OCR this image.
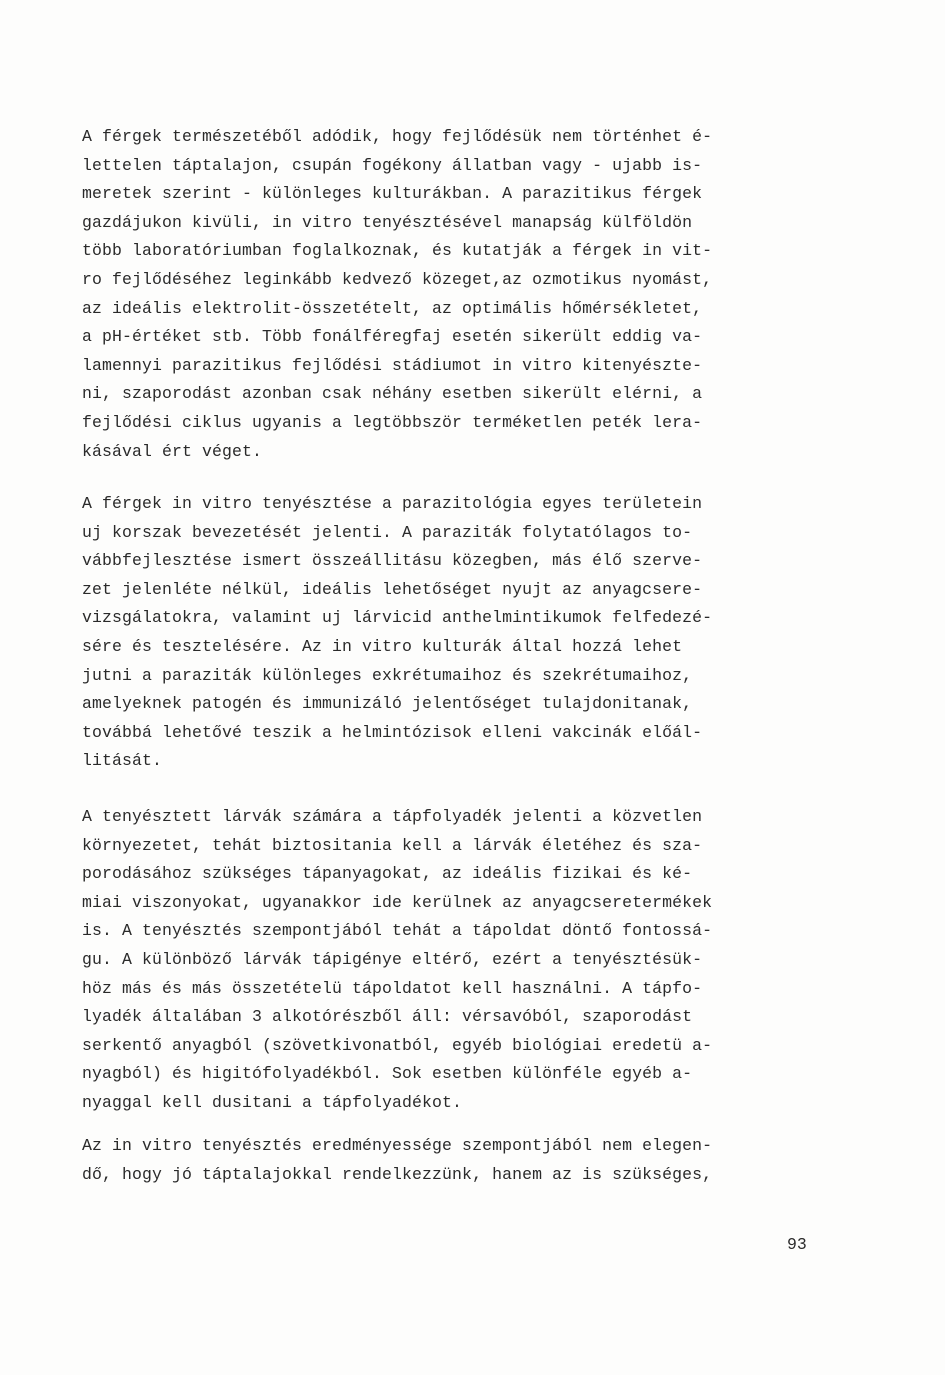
A férgek természetéből adódik, hogy fejlődésük nem történhet é-
lettelen táptalajon, csupán fogékony állatban vagy - ujabb is-
meretek szerint - különleges kulturákban. A parazitikus férgek
gazdájukon kivüli, in vitro tenyésztésével manapság külföldön
több laboratóriumban foglalkoznak, és kutatják a férgek in vit-
ro fejlődéséhez leginkább kedvező közeget,az ozmotikus nyomást,
az ideális elektrolit-összetételt, az optimális hőmérsékletet,
a pH-értéket stb. Több fonálféregfaj esetén sikerült eddig va-
lamennyi parazitikus fejlődési stádiumot in vitro kitenyészte-
ni, szaporodást azonban csak néhány esetben sikerült elérni, a
fejlődési ciklus ugyanis a legtöbbször terméketlen peték lera-
kásával ért véget.
A férgek in vitro tenyésztése a parazitológia egyes területein
uj korszak bevezetését jelenti. A paraziták folytatólagos to-
vábbfejlesztése ismert összeállitásu közegben, más élő szerve-
zet jelenléte nélkül, ideális lehetőséget nyujt az anyagcsere-
vizsgálatokra, valamint uj lárvicid anthelmintikumok felfedezé-
sére és tesztelésére. Az in vitro kulturák által hozzá lehet
jutni a paraziták különleges exkrétumaihoz és szekrétumaihoz,
amelyeknek patogén és immunizáló jelentőséget tulajdonitanak,
továbbá lehetővé teszik a helmintózisok elleni vakcinák előál-
litását.
A tenyésztett lárvák számára a tápfolyadék jelenti a közvetlen
környezetet, tehát biztositania kell a lárvák életéhez és sza-
porodásához szükséges tápanyagokat, az ideális fizikai és ké-
miai viszonyokat, ugyanakkor ide kerülnek az anyagcseretermékek
is. A tenyésztés szempontjából tehát a tápoldat döntő fontossá-
gu. A különböző lárvák tápigénye eltérő, ezért a tenyésztésük-
höz más és más összetételü tápoldatot kell használni. A tápfo-
lyadék általában 3 alkotórészből áll: vérsavóból, szaporodást
serkentő anyagból (szövetkivonatból, egyéb biológiai eredetü a-
nyagból) és higitófolyadékból. Sok esetben különféle egyéb a-
nyaggal kell dusitani a tápfolyadékot.
Az in vitro tenyésztés eredményessége szempontjából nem elegen-
dő, hogy jó táptalajokkal rendelkezzünk, hanem az is szükséges,
93
